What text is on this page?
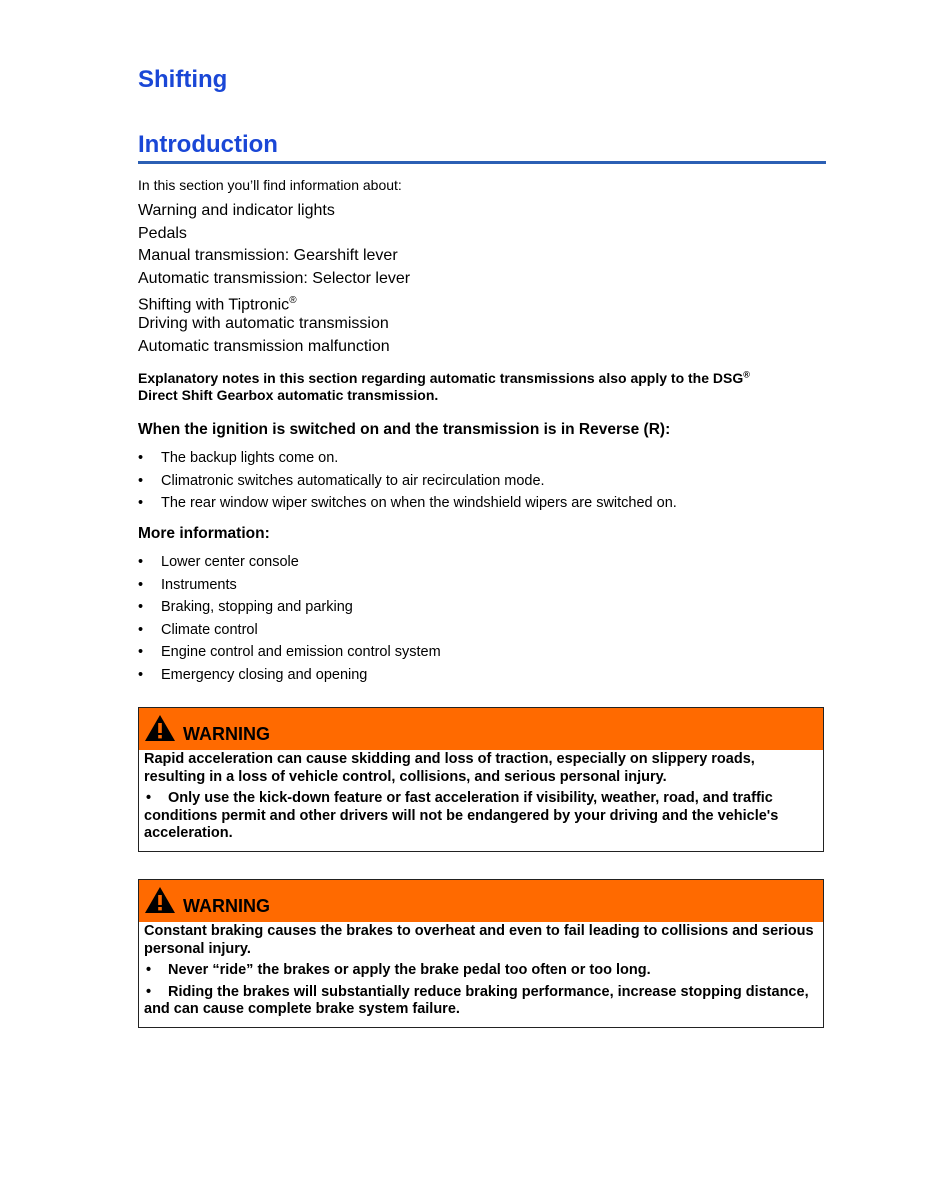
Shifting
Introduction
In this section you’ll find information about:
Warning and indicator lights
Pedals
Manual transmission: Gearshift lever
Automatic transmission: Selector lever
Shifting with Tiptronic®
Driving with automatic transmission
Automatic transmission malfunction

Explanatory notes in this section regarding automatic transmissions also apply to the DSG®
Direct Shift Gearbox automatic transmission.

When the ignition is switched on and the transmission is in Reverse (R):
• The backup lights come on.
• Climatronic switches automatically to air recirculation mode.
• The rear window wiper switches on when the windshield wipers are switched on.
More information:
• Lower center console
• Instruments
• Braking, stopping and parking
• Climate control
• Engine control and emission control system
• Emergency closing and opening
WARNING

Rapid acceleration can cause skidding and loss of traction, especially on slippery roads, resulting in a loss of vehicle control, collisions, and serious personal injury.

• Only use the kick-down feature or fast acceleration if visibility, weather, road, and traffic conditions permit and other drivers will not be endangered by your driving and the vehicle's acceleration.

WARNING

Constant braking causes the brakes to overheat and even to fail leading to collisions and serious personal injury.

• Never “ride” the brakes or apply the brake pedal too often or too long.

• Riding the brakes will substantially reduce braking performance, increase stopping distance, and can cause complete brake system failure.
